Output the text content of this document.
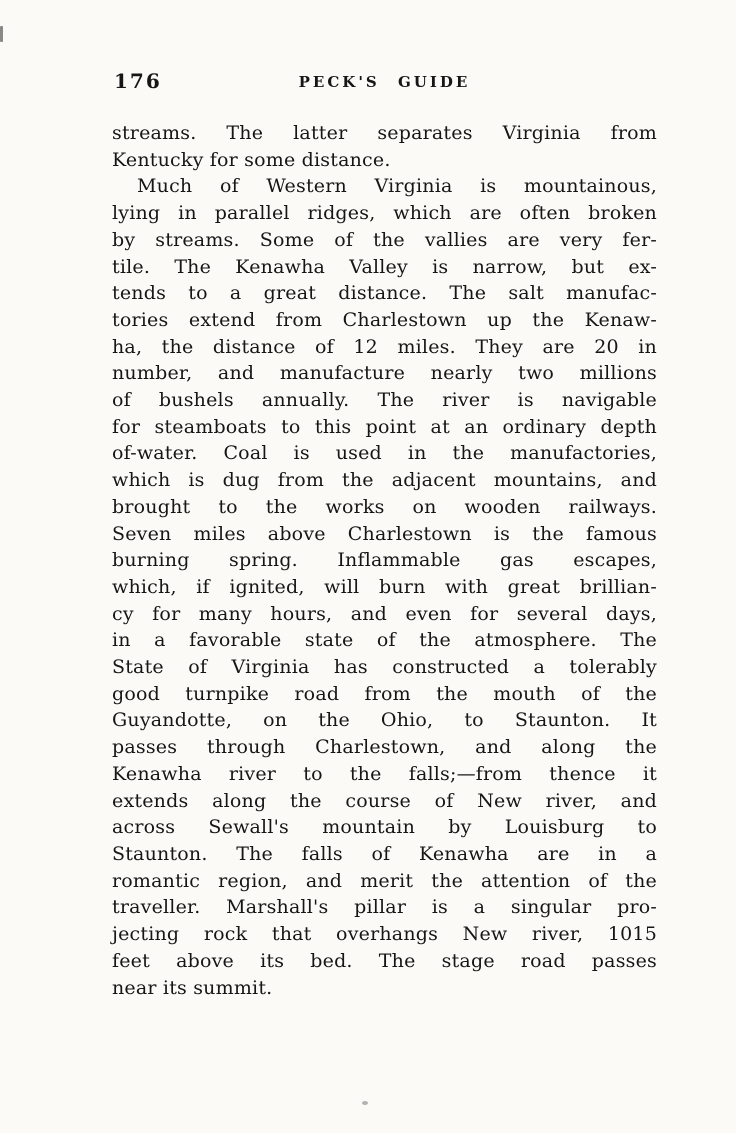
176	PECK'S GUIDE
streams. The latter separates Virginia from
Kentucky for some distance.
Much of Western Virginia is mountainous,
lying in parallel ridges, which are often broken
by streams. Some of the vallies are very fer-
tile. The Kenawha Valley is narrow, but ex-
tends to a great distance. The salt manufac-
tories extend from Charlestown up the Kenaw-
ha, the distance of 12 miles. They are 20 in
number, and manufacture nearly two millions
of bushels annually. The river is navigable
for steamboats to this point at an ordinary depth
of-water. Coal is used in the manufactories,
which is dug from the adjacent mountains, and
brought to the works on wooden railways.
Seven miles above Charlestown is the famous
burning spring. Inflammable gas escapes,
which, if ignited, will burn with great brillian-
cy for many hours, and even for several days,
in a favorable state of the atmosphere. The
State of Virginia has constructed a tolerably
good turnpike road from the mouth of the
Guyandotte, on the Ohio, to Staunton. It
passes through Charlestown, and along the
Kenawha river to the falls;—from thence it
extends along the course of New river, and
across Sewall's mountain by Louisburg to
Staunton. The falls of Kenawha are in a
romantic region, and merit the attention of the
traveller. Marshall's pillar is a singular pro-
jecting rock that overhangs New river, 1015
feet above its bed. The stage road passes
near its summit.
